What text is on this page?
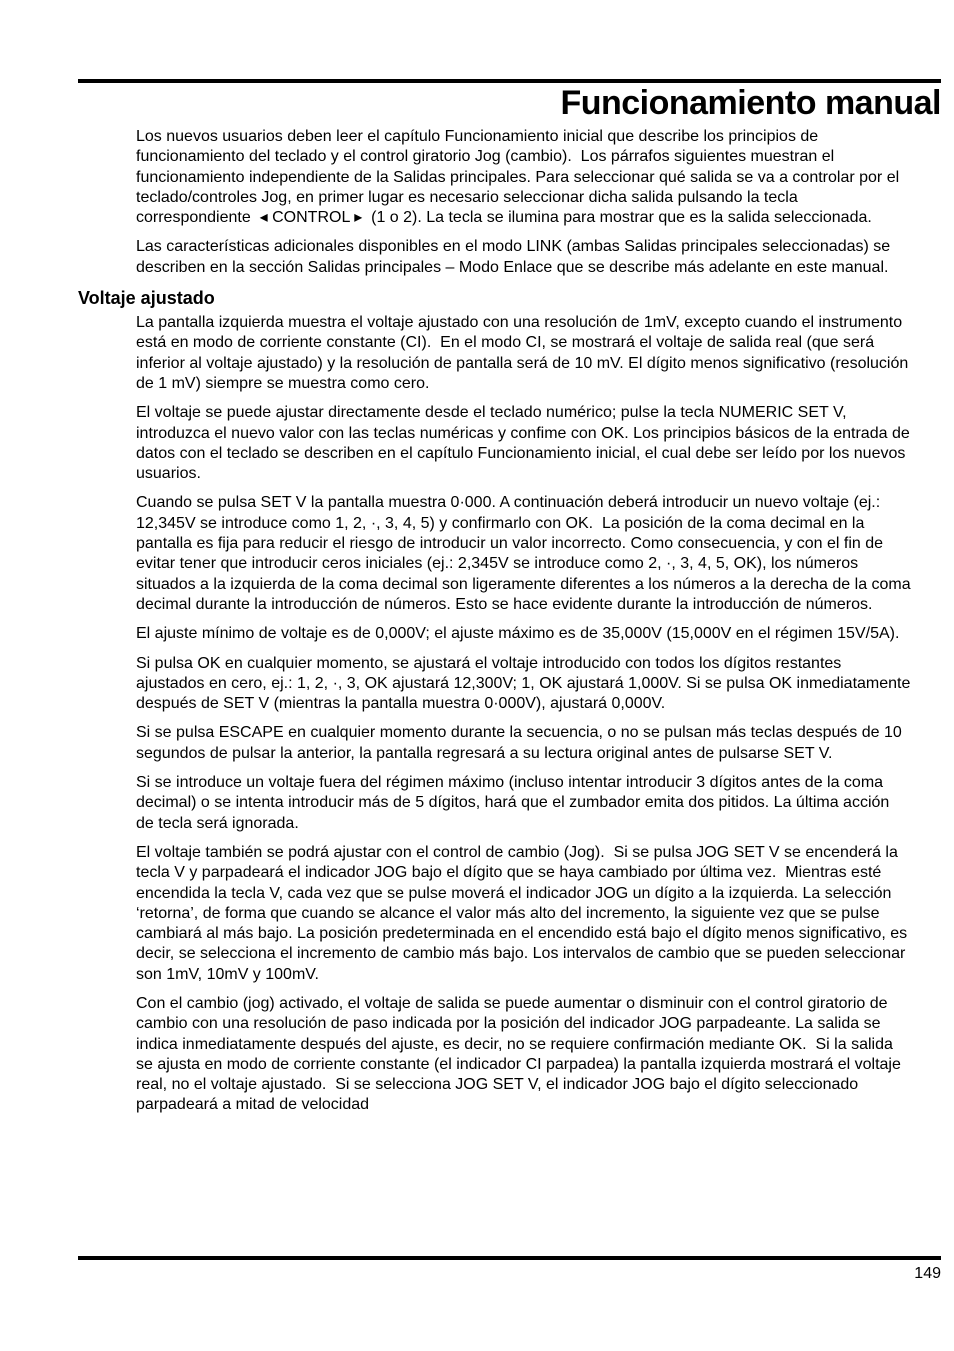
Funcionamiento manual

Los nuevos usuarios deben leer el capítulo Funcionamiento inicial que describe los principios de funcionamiento del teclado y el control giratorio Jog (cambio).  Los párrafos siguientes muestran el funcionamiento independiente de la Salidas principales. Para seleccionar qué salida se va a controlar por el teclado/controles Jog, en primer lugar es necesario seleccionar dicha salida pulsando la tecla correspondiente  ◂ CONTROL ▸  (1 o 2). La tecla se ilumina para mostrar que es la salida seleccionada.

Las características adicionales disponibles en el modo LINK (ambas Salidas principales seleccionadas) se describen en la sección Salidas principales – Modo Enlace que se describe más adelante en este manual.

Voltaje ajustado

La pantalla izquierda muestra el voltaje ajustado con una resolución de 1mV, excepto cuando el instrumento está en modo de corriente constante (CI).  En el modo CI, se mostrará el voltaje de salida real (que será inferior al voltaje ajustado) y la resolución de pantalla será de 10 mV. El dígito menos significativo (resolución de 1 mV) siempre se muestra como cero.

El voltaje se puede ajustar directamente desde el teclado numérico; pulse la tecla NUMERIC SET V, introduzca el nuevo valor con las teclas numéricas y confime con OK. Los principios básicos de la entrada de datos con el teclado se describen en el capítulo Funcionamiento inicial, el cual debe ser leído por los nuevos usuarios.

Cuando se pulsa SET V la pantalla muestra 0·000. A continuación deberá introducir un nuevo voltaje (ej.: 12,345V se introduce como 1, 2, ·, 3, 4, 5) y confirmarlo con OK.  La posición de la coma decimal en la pantalla es fija para reducir el riesgo de introducir un valor incorrecto. Como consecuencia, y con el fin de evitar tener que introducir ceros iniciales (ej.: 2,345V se introduce como 2, ·, 3, 4, 5, OK), los números situados a la izquierda de la coma decimal son ligeramente diferentes a los números a la derecha de la coma decimal durante la introducción de números. Esto se hace evidente durante la introducción de números.

El ajuste mínimo de voltaje es de 0,000V; el ajuste máximo es de 35,000V (15,000V en el régimen 15V/5A).

Si pulsa OK en cualquier momento, se ajustará el voltaje introducido con todos los dígitos restantes ajustados en cero, ej.: 1, 2, ·, 3, OK ajustará 12,300V; 1, OK ajustará 1,000V. Si se pulsa OK inmediatamente después de SET V (mientras la pantalla muestra 0·000V), ajustará 0,000V.

Si se pulsa ESCAPE en cualquier momento durante la secuencia, o no se pulsan más teclas después de 10 segundos de pulsar la anterior, la pantalla regresará a su lectura original antes de pulsarse SET V.

Si se introduce un voltaje fuera del régimen máximo (incluso intentar introducir 3 dígitos antes de la coma decimal) o se intenta introducir más de 5 dígitos, hará que el zumbador emita dos pitidos. La última acción de tecla será ignorada.

El voltaje también se podrá ajustar con el control de cambio (Jog).  Si se pulsa JOG SET V se encenderá la tecla V y parpadeará el indicador JOG bajo el dígito que se haya cambiado por última vez.  Mientras esté encendida la tecla V, cada vez que se pulse moverá el indicador JOG un dígito a la izquierda. La selección ‘retorna’, de forma que cuando se alcance el valor más alto del incremento, la siguiente vez que se pulse cambiará al más bajo. La posición predeterminada en el encendido está bajo el dígito menos significativo, es decir, se selecciona el incremento de cambio más bajo. Los intervalos de cambio que se pueden seleccionar son 1mV, 10mV y 100mV.

Con el cambio (jog) activado, el voltaje de salida se puede aumentar o disminuir con el control giratorio de cambio con una resolución de paso indicada por la posición del indicador JOG parpadeante. La salida se indica inmediatamente después del ajuste, es decir, no se requiere confirmación mediante OK.  Si la salida se ajusta en modo de corriente constante (el indicador CI parpadea) la pantalla izquierda mostrará el voltaje real, no el voltaje ajustado.  Si se selecciona JOG SET V, el indicador JOG bajo el dígito seleccionado parpadeará a mitad de velocidad

149
